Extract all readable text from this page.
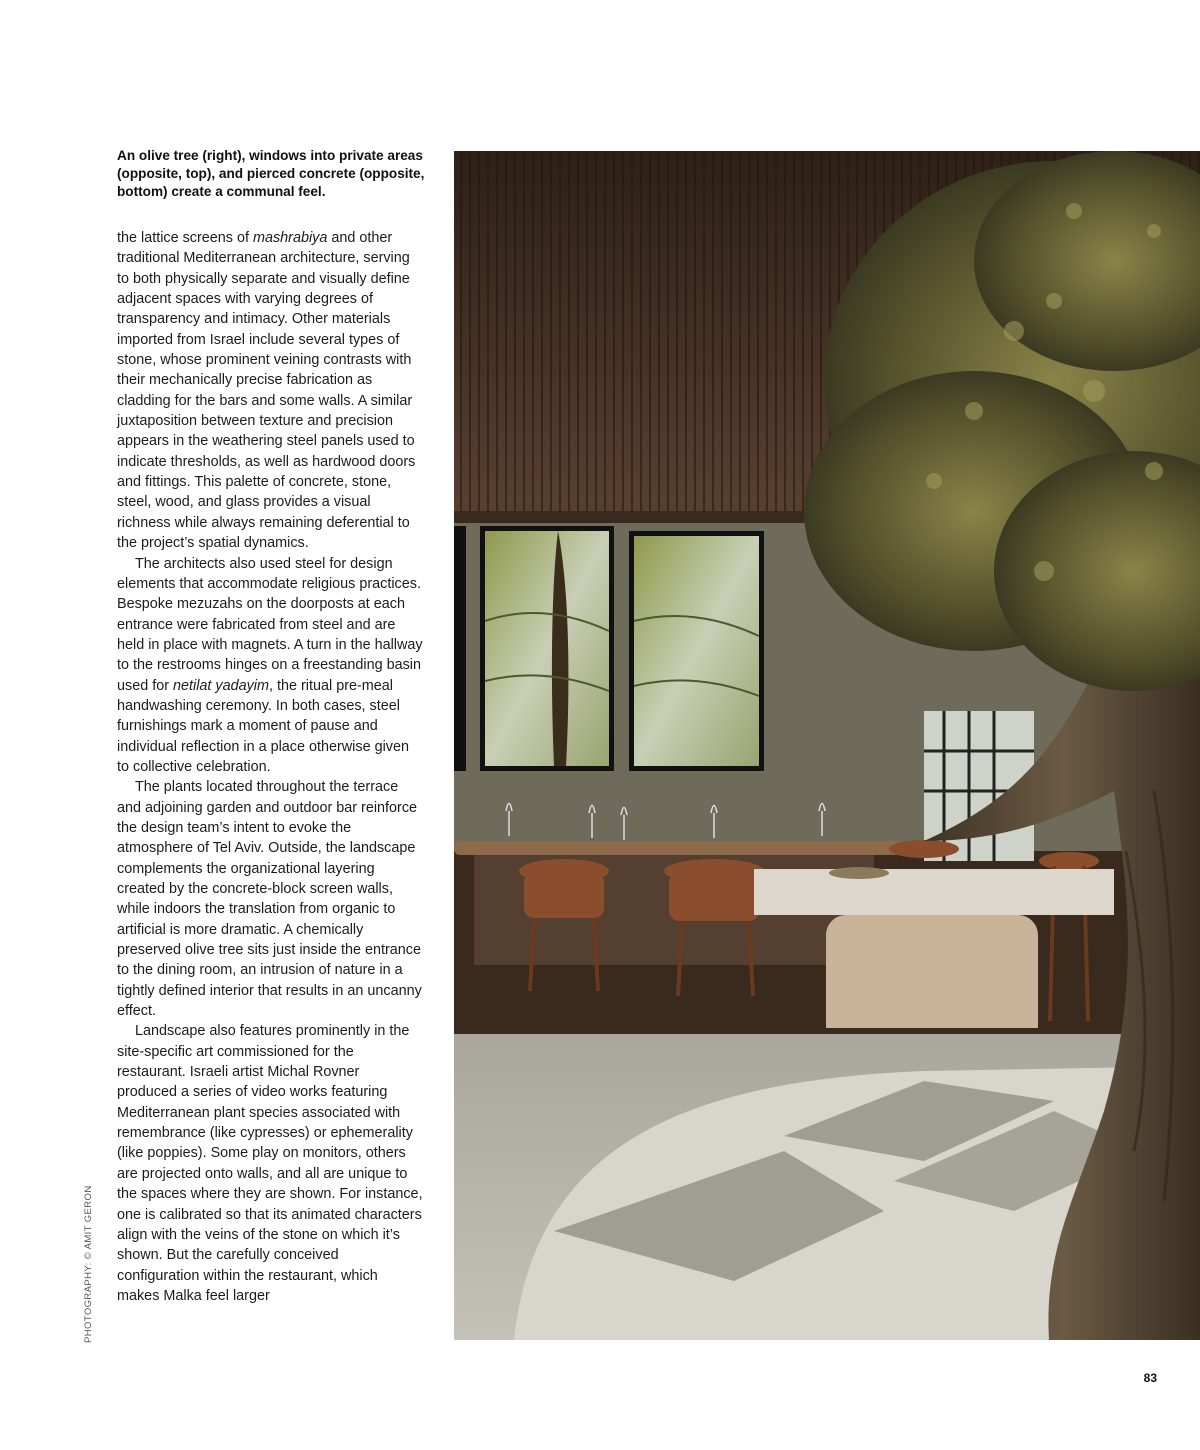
An olive tree (right), windows into private areas (opposite, top), and pierced concrete (opposite, bottom) create a communal feel.

the lattice screens of mashrabiya and other traditional Mediterranean architecture, serving to both physically separate and visually define adjacent spaces with varying degrees of transparency and intimacy. Other materials imported from Israel include several types of stone, whose prominent veining contrasts with their mechanically precise fabrication as cladding for the bars and some walls. A similar juxtaposition between texture and precision appears in the weathering steel panels used to indicate thresholds, as well as hardwood doors and fittings. This palette of concrete, stone, steel, wood, and glass provides a visual richness while always remaining deferential to the project’s spatial dynamics.

The architects also used steel for design elements that accommodate religious practices. Bespoke mezuzahs on the doorposts at each entrance were fabricated from steel and are held in place with magnets. A turn in the hallway to the restrooms hinges on a freestanding basin used for netilat yadayim, the ritual pre-meal handwashing ceremony. In both cases, steel furnishings mark a moment of pause and individual reflection in a place otherwise given to collective celebration.

The plants located throughout the terrace and adjoining garden and outdoor bar reinforce the design team’s intent to evoke the atmosphere of Tel Aviv. Outside, the landscape complements the organizational layering created by the concrete-block screen walls, while indoors the translation from organic to artificial is more dramatic. A chemically preserved olive tree sits just inside the entrance to the dining room, an intrusion of nature in a tightly defined interior that results in an uncanny effect.

Landscape also features prominently in the site-specific art commissioned for the restaurant. Israeli artist Michal Rovner produced a series of video works featuring Mediterranean plant species associated with remembrance (like cypresses) or ephemerality (like poppies). Some play on monitors, others are projected onto walls, and all are unique to the spaces where they are shown. For instance, one is calibrated so that its animated characters align with the veins of the stone on which it’s shown. But the carefully conceived configuration within the restaurant, which makes Malka feel larger

PHOTOGRAPHY: © AMIT GERON
83
